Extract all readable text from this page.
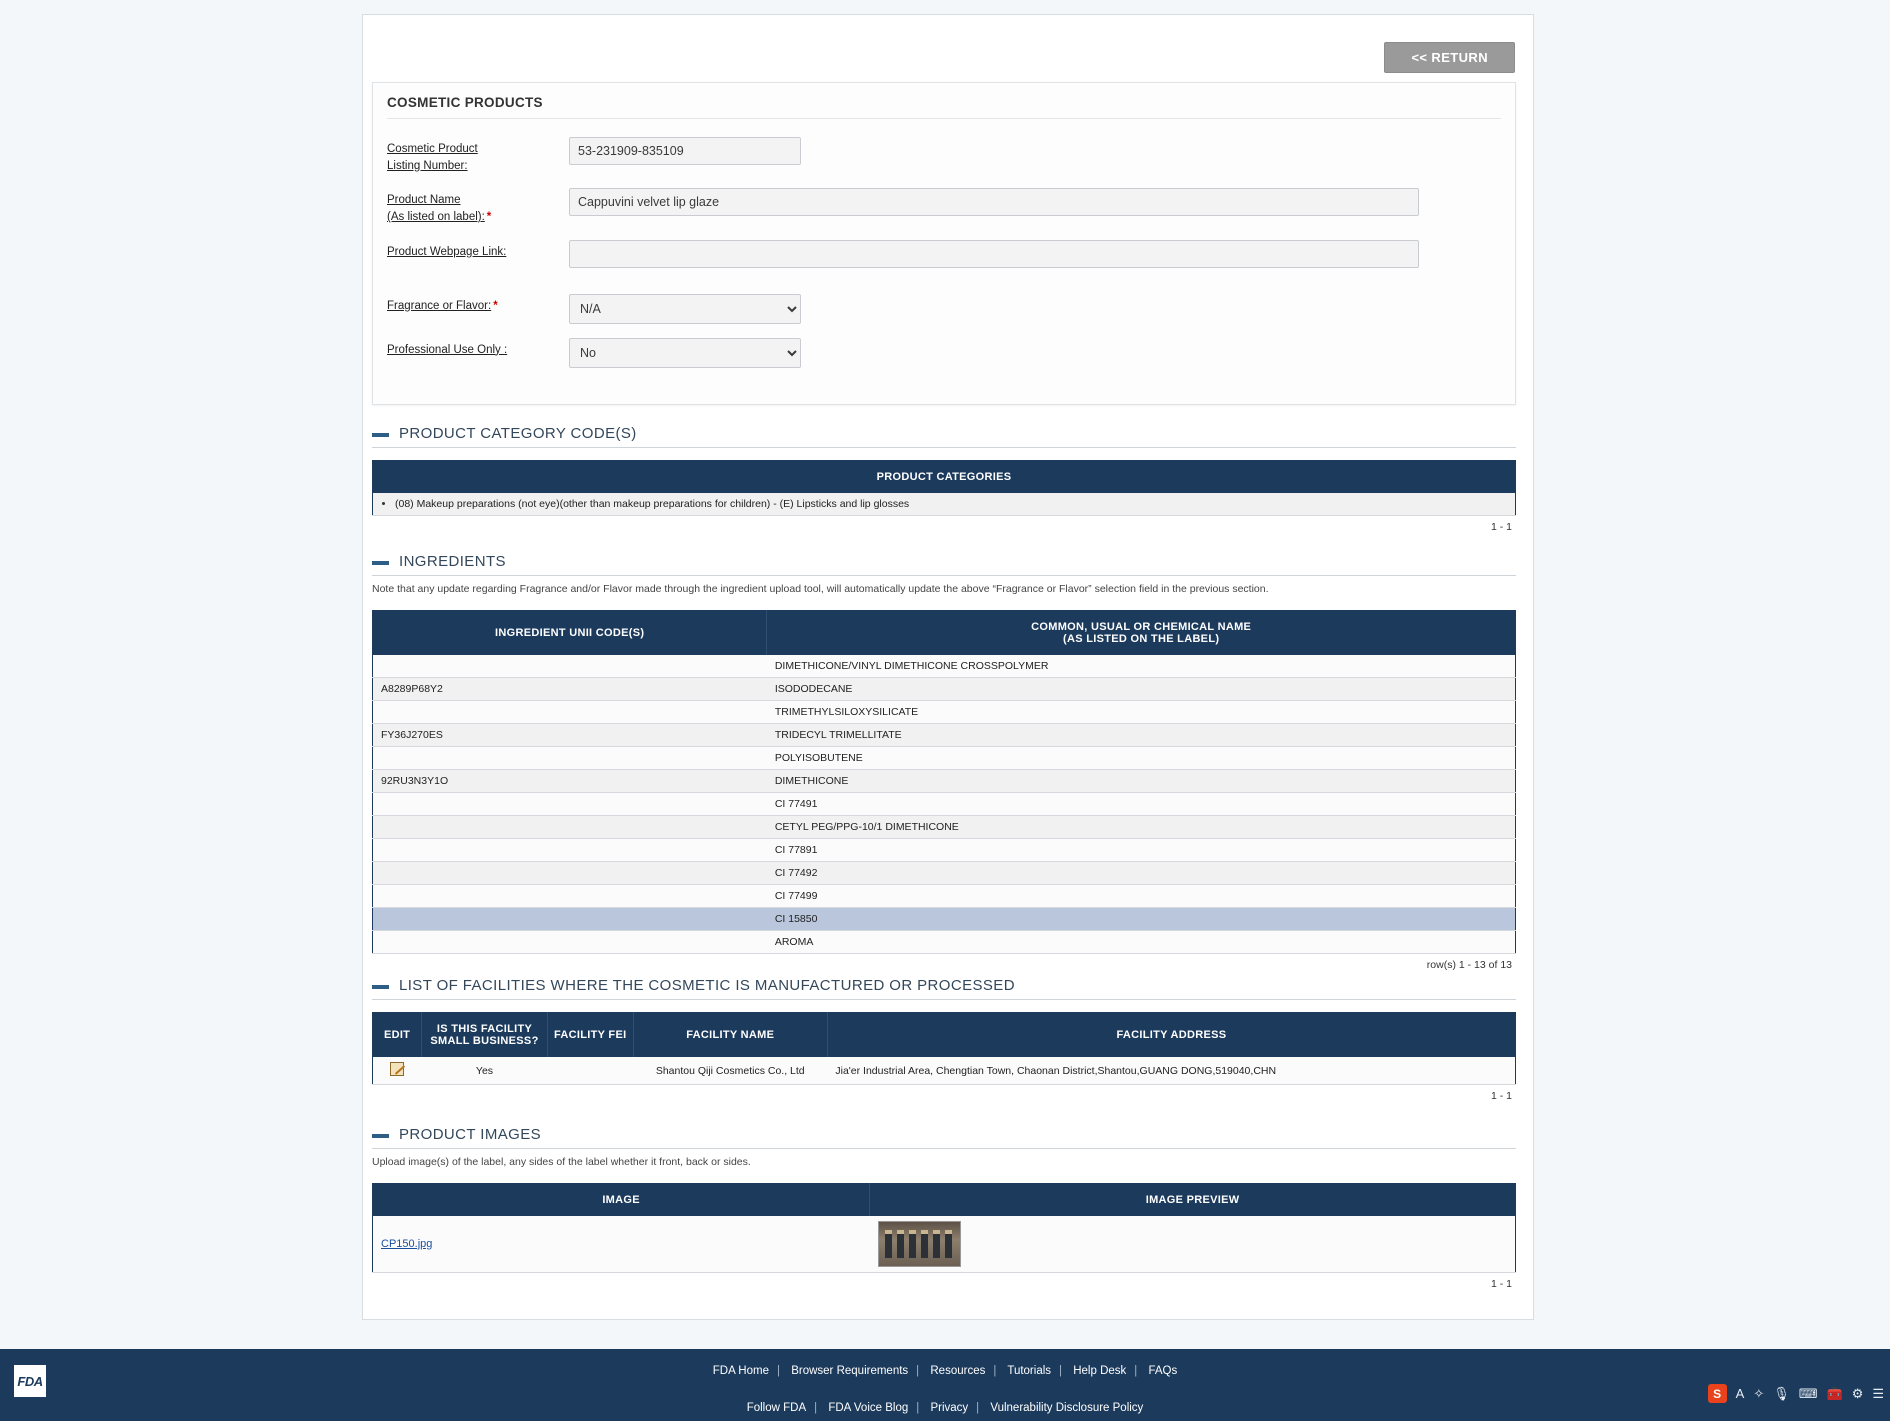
<< RETURN
COSMETIC PRODUCTS
Cosmetic Product
Listing Number:
53-231909-835109
Product Name
(As listed on label): *
Cappuvini velvet lip glaze
Product Webpage Link:
Fragrance or Flavor: *
N/A
Professional Use Only :
No
PRODUCT CATEGORY CODE(S)
PRODUCT CATEGORIES
(08) Makeup preparations (not eye)(other than makeup preparations for children) - (E) Lipsticks and lip glosses
1 - 1
INGREDIENTS
Note that any update regarding Fragrance and/or Flavor made through the ingredient upload tool, will automatically update the above “Fragrance or Flavor” selection field in the previous section.
INGREDIENT UNII CODE(S)	COMMON, USUAL OR CHEMICAL NAME
(AS LISTED ON THE LABEL)
	DIMETHICONE/VINYL DIMETHICONE CROSSPOLYMER
A8289P68Y2	ISODODECANE
	TRIMETHYLSILOXYSILICATE
FY36J270ES	TRIDECYL TRIMELLITATE
	POLYISOBUTENE
92RU3N3Y1O	DIMETHICONE
	CI 77491
	CETYL PEG/PPG-10/1 DIMETHICONE
	CI 77891
	CI 77492
	CI 77499
	CI 15850
	AROMA
row(s) 1 - 13 of 13
LIST OF FACILITIES WHERE THE COSMETIC IS MANUFACTURED OR PROCESSED
EDIT	IS THIS FACILITY
SMALL BUSINESS?	FACILITY FEI	FACILITY NAME	FACILITY ADDRESS
	Yes		Shantou Qiji Cosmetics Co., Ltd	Jia'er Industrial Area, Chengtian Town, Chaonan District,Shantou,GUANG DONG,519040,CHN
1 - 1
PRODUCT IMAGES
Upload image(s) of the label, any sides of the label whether it front, back or sides.
IMAGE	IMAGE PREVIEW
CP150.jpg	
1 - 1
FDA
FDA Home | Browser Requirements | Resources | Tutorials | Help Desk | FAQs
Follow FDA | FDA Voice Blog | Privacy | Vulnerability Disclosure Policy
S	A ✧ 🎙 ⌨ 🧰 ⚙ ☰
